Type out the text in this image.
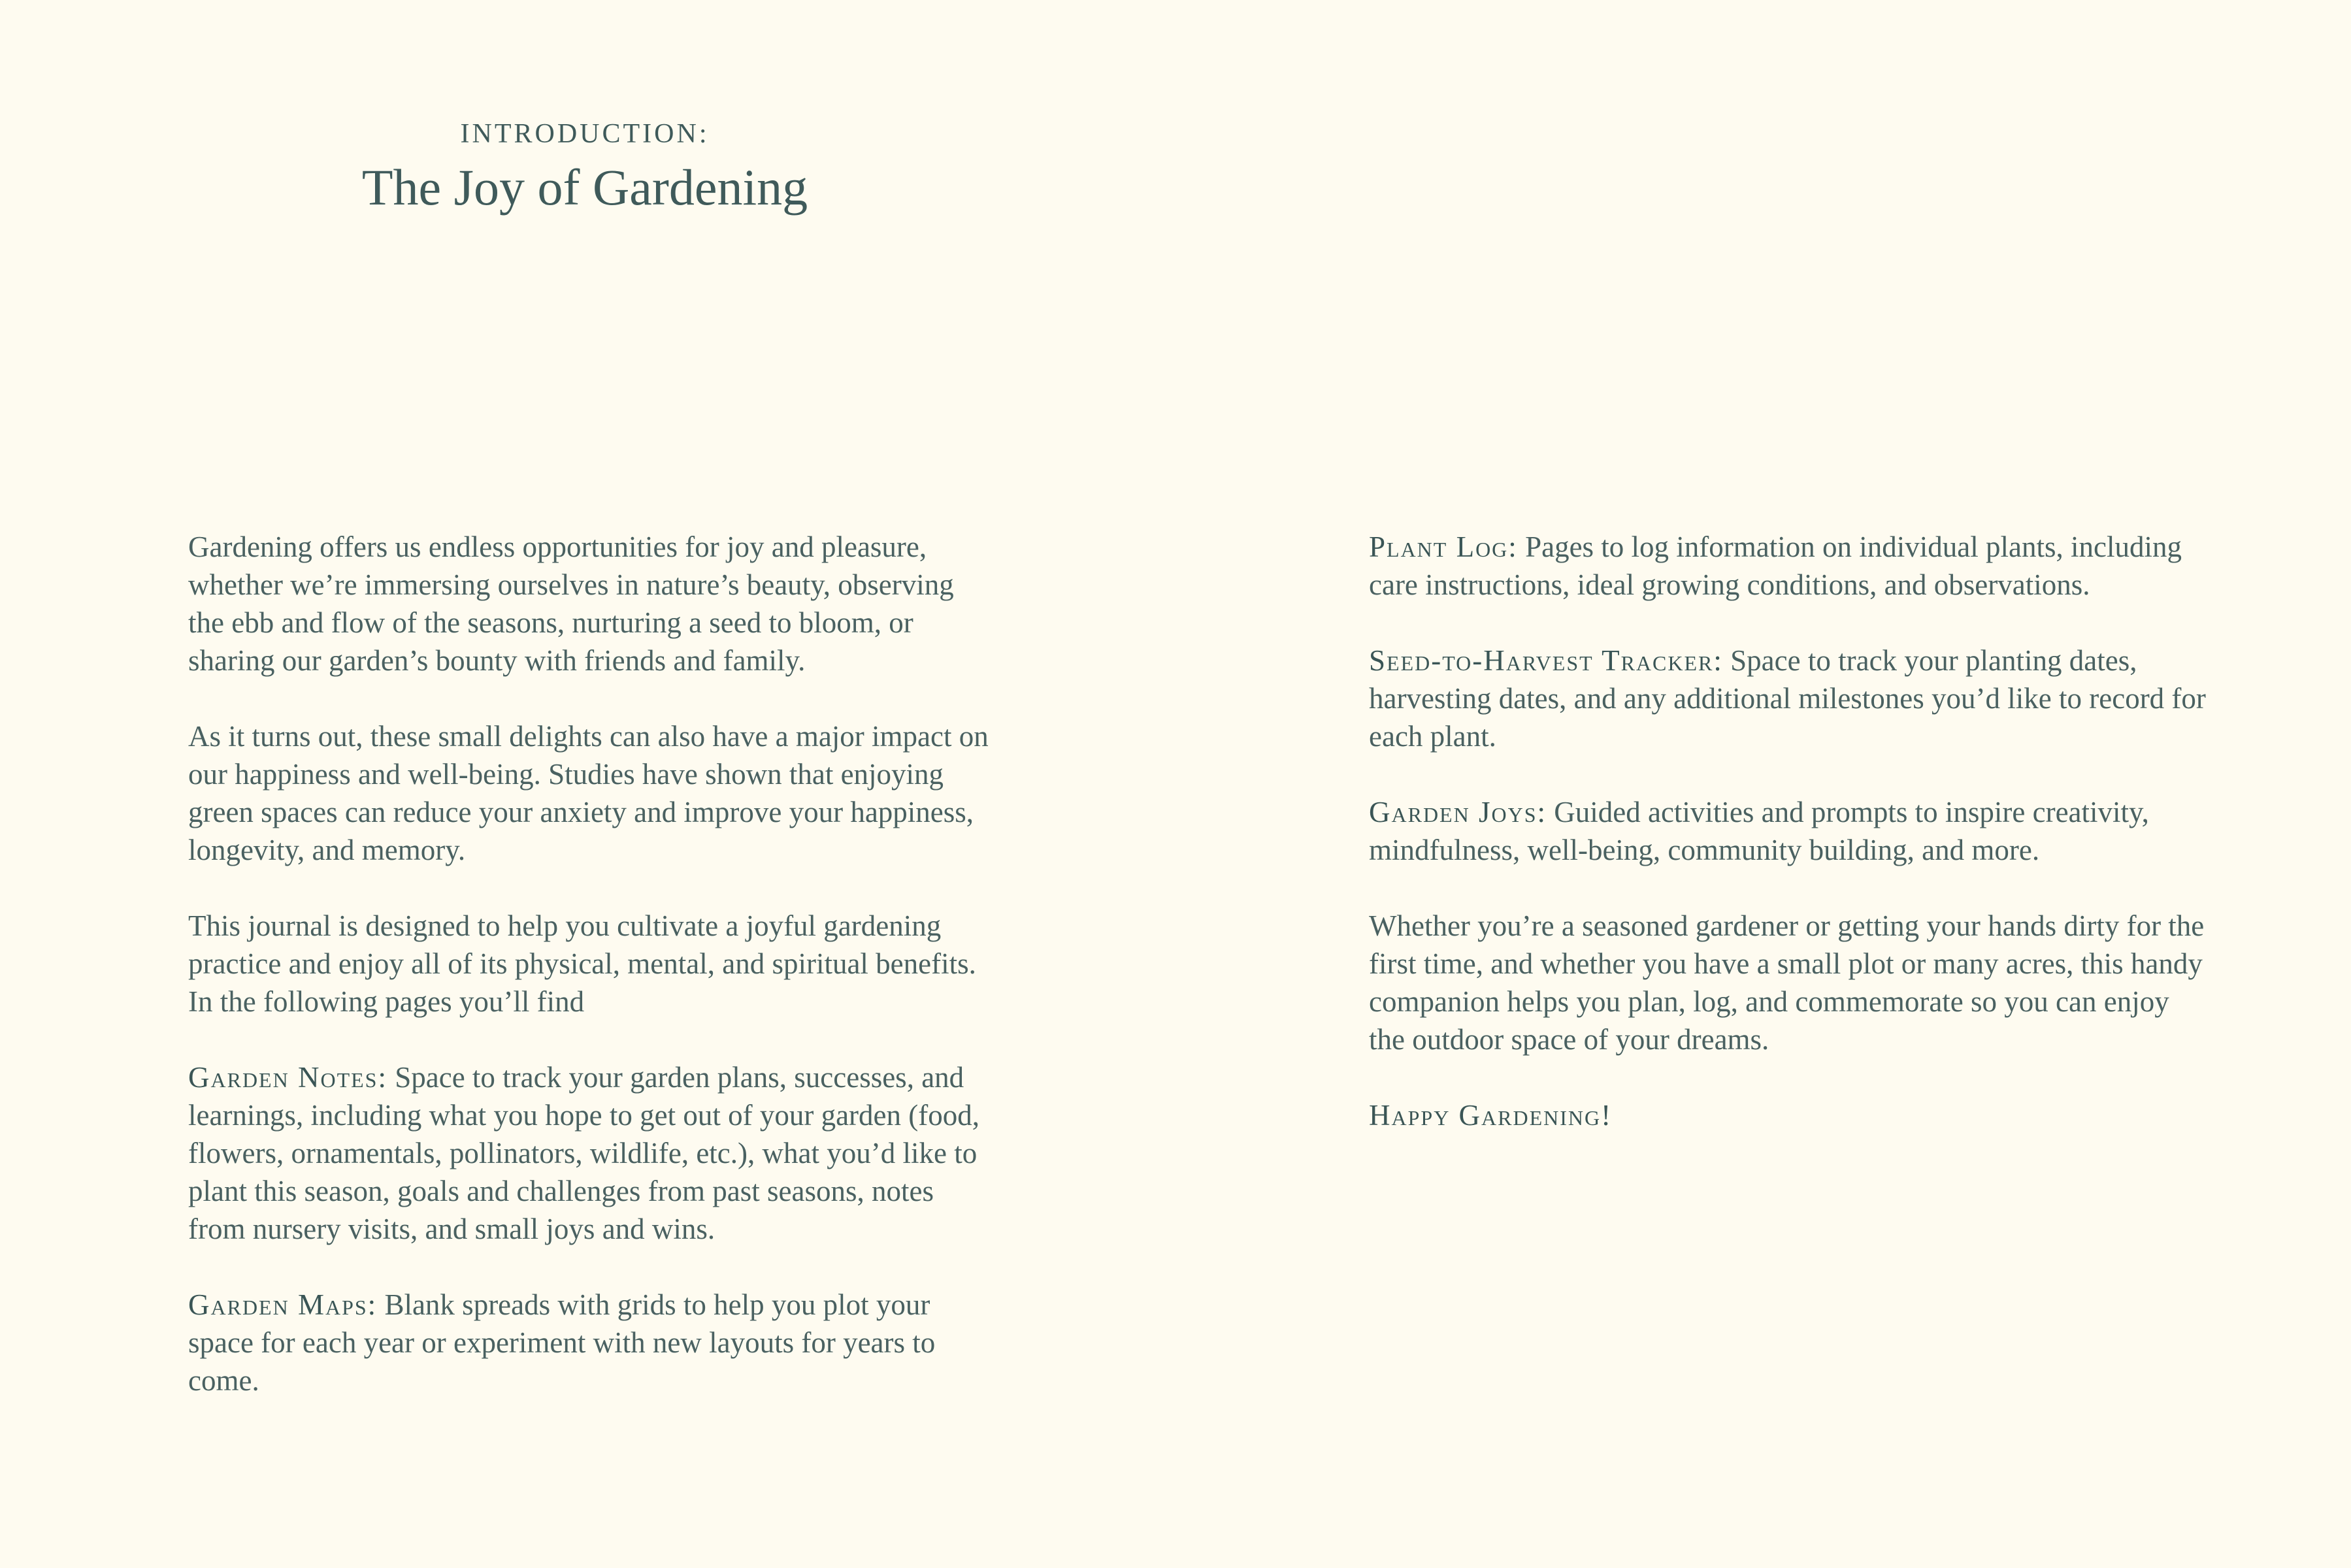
INTRODUCTION:
The Joy of Gardening

Gardening offers us endless opportunities for joy and pleasure, whether we’re immersing ourselves in nature’s beauty, observing the ebb and flow of the seasons, nurturing a seed to bloom, or sharing our garden’s bounty with friends and family.

As it turns out, these small delights can also have a major impact on our happiness and well-being. Studies have shown that enjoying green spaces can reduce your anxiety and improve your happiness, longevity, and memory.

This journal is designed to help you cultivate a joyful gardening practice and enjoy all of its physical, mental, and spiritual benefits. In the following pages you’ll find

Garden Notes: Space to track your garden plans, successes, and learnings, including what you hope to get out of your garden (food, flowers, ornamentals, pollinators, wildlife, etc.), what you’d like to plant this season, goals and challenges from past seasons, notes from nursery visits, and small joys and wins.

Garden Maps: Blank spreads with grids to help you plot your space for each year or experiment with new layouts for years to come.

Plant Log: Pages to log information on individual plants, including care instructions, ideal growing conditions, and observations.

Seed-to-Harvest Tracker: Space to track your planting dates, harvesting dates, and any additional milestones you’d like to record for each plant.

Garden Joys: Guided activities and prompts to inspire creativity, mindfulness, well-being, community building, and more.

Whether you’re a seasoned gardener or getting your hands dirty for the first time, and whether you have a small plot or many acres, this handy companion helps you plan, log, and commemorate so you can enjoy the outdoor space of your dreams.

Happy Gardening!
